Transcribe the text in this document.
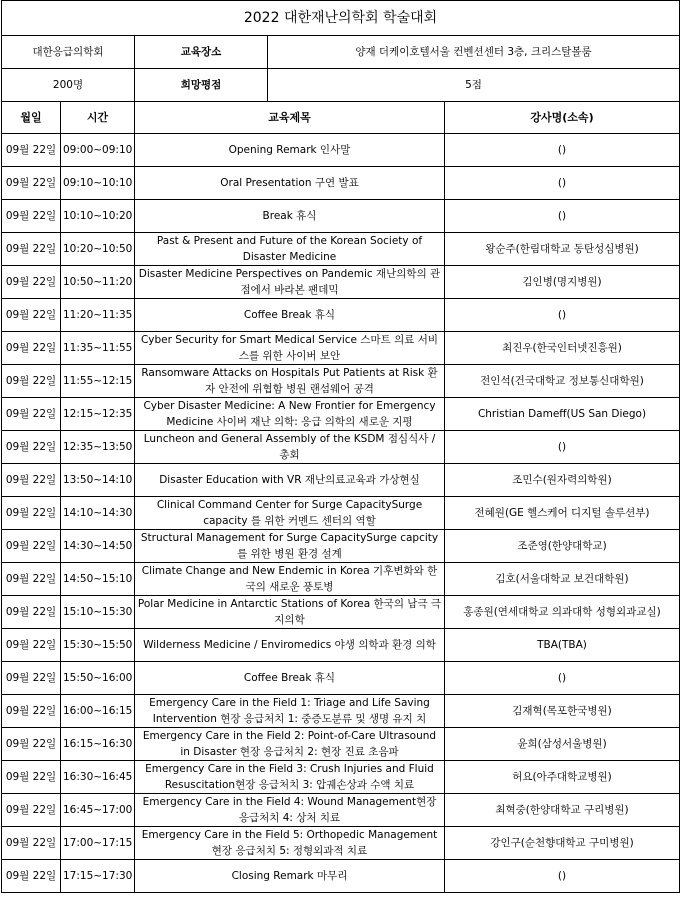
2022 대한재난의학회 학술대회				
대한응급의학회		교육장소	양재 더케이호텔서울 컨벤션센터 3층, 크리스탈볼룸	
200명		희망평점	5점	
월일	시간	교육제목		강사명(소속)
09월 22일	09:00~09:10	Opening Remark 인사말		()
09월 22일	09:10~10:10	Oral Presentation 구연 발표		()
09월 22일	10:10~10:20	Break 휴식		()
09월 22일	10:20~10:50	Past & Present and Future of the Korean Society of Disaster Medicine		왕순주(한림대학교 동탄성심병원)
09월 22일	10:50~11:20	Disaster Medicine Perspectives on Pandemic 재난의학의 관점에서 바라본 팬데믹		김인병(명지병원)
09월 22일	11:20~11:35	Coffee Break 휴식		()
09월 22일	11:35~11:55	Cyber Security for Smart Medical Service 스마트 의료 서비스를 위한 사이버 보안		최진우(한국인터넷진흥원)
09월 22일	11:55~12:15	Ransomware Attacks on Hospitals Put Patients at Risk 환자 안전에 위협함 병원 랜섬웨어 공격		전인석(건국대학교 정보통신대학원)
09월 22일	12:15~12:35	Cyber Disaster Medicine: A New Frontier for Emergency Medicine 사이버 재난 의학: 응급 의학의 새로운 지평		Christian Dameff(US San Diego)
09월 22일	12:35~13:50	Luncheon and General Assembly of the KSDM 점심식사 / 총회		()
09월 22일	13:50~14:10	Disaster Education with VR 재난의료교육과 가상현실		조민수(원자력의학원)
09월 22일	14:10~14:30	Clinical Command Center for Surge CapacitySurge capacity 를 위한 커멘드 센터의 역할		전혜원(GE 헬스케어 디지털 솔루션부)
09월 22일	14:30~14:50	Structural Management for Surge CapacitySurge capcity 를 위한 병원 환경 설계		조준영(한양대학교)
09월 22일	14:50~15:10	Climate Change and New Endemic in Korea 기후변화와 한국의 새로운 풍토병		김호(서울대학교 보건대학원)
09월 22일	15:10~15:30	Polar Medicine in Antarctic Stations of Korea 한국의 남극 극지의학		홍종원(연세대학교 의과대학 성형외과교실)
09월 22일	15:30~15:50	Wilderness Medicine / Enviromedics 야생 의학과 환경 의학		TBA(TBA)
09월 22일	15:50~16:00	Coffee Break 휴식		()
09월 22일	16:00~16:15	Emergency Care in the Field 1: Triage and Life Saving Intervention 현장 응급처치 1: 중증도분류 및 생명 유지 치		김재혁(목포한국병원)
09월 22일	16:15~16:30	Emergency Care in the Field 2: Point-of-Care Ultrasound in Disaster 현장 응급처치 2: 현장 진료 초음파		윤희(삼성서울병원)
09월 22일	16:30~16:45	Emergency Care in the Field 3: Crush Injuries and Fluid Resuscitation현장 응급처치 3: 압궤손상과 수액 치료		허요(아주대학교병원)
09월 22일	16:45~17:00	Emergency Care in the Field 4: Wound Management현장 응급처치 4: 상처 치료		최혁중(한양대학교 구리병원)
09월 22일	17:00~17:15	Emergency Care in the Field 5: Orthopedic Management 현장 응급처치 5: 정형외과적 치료		강인구(순천향대학교 구미병원)
09월 22일	17:15~17:30	Closing Remark 마무리		()
